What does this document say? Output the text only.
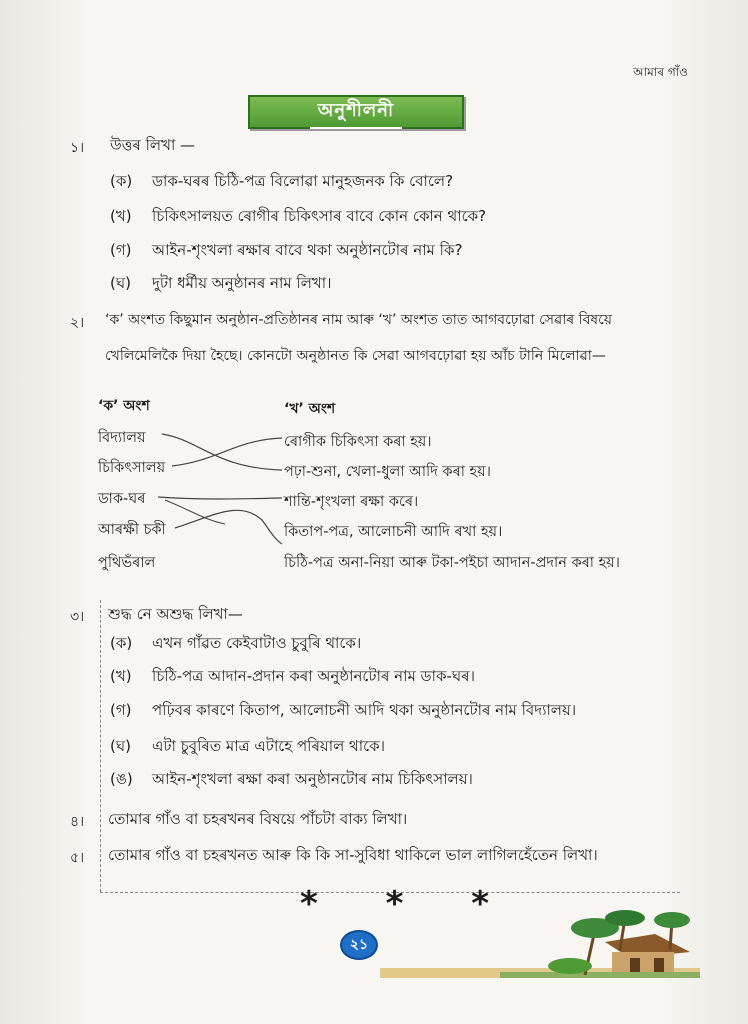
আমাৰ গাঁও
অনুশীলনী
১। উত্তৰ লিখা —
(ক) ডাক-ঘৰৰ চিঠি-পত্ৰ বিলোৱা মানুহজনক কি বোলে?
(খ) চিকিৎসালয়ত ৰোগীৰ চিকিৎসাৰ বাবে কোন কোন থাকে?
(গ) আইন-শৃংখলা ৰক্ষাৰ বাবে থকা অনুষ্ঠানটোৰ নাম কি?
(ঘ) দুটা ধৰ্মীয় অনুষ্ঠানৰ নাম লিখা।
২। ‘ক’ অংশত কিছুমান অনুষ্ঠান-প্ৰতিষ্ঠানৰ নাম আৰু ‘খ’ অংশত তাত আগবঢ়োৱা সেৱাৰ বিষয়ে
খেলিমেলিকৈ দিয়া হৈছে। কোনটো অনুষ্ঠানত কি সেৱা আগবঢ়োৱা হয় আঁচ টানি মিলোৱা—
‘ক’ অংশ	‘খ’ অংশ
বিদ্যালয়
চিকিৎসালয়
ডাক-ঘৰ
আৰক্ষী চকী
পুথিভঁৰাল
ৰোগীক চিকিৎসা কৰা হয়।
পঢ়া-শুনা, খেলা-ধুলা আদি কৰা হয়।
শান্তি-শৃংখলা ৰক্ষা কৰে।
কিতাপ-পত্ৰ, আলোচনী আদি ৰখা হয়।
চিঠি-পত্ৰ অনা-নিয়া আৰু টকা-পইচা আদান-প্ৰদান কৰা হয়।
৩। শুদ্ধ নে অশুদ্ধ লিখা—
(ক) এখন গাঁৱত কেইবাটাও চুবুৰি থাকে।
(খ) চিঠি-পত্ৰ আদান-প্ৰদান কৰা অনুষ্ঠানটোৰ নাম ডাক-ঘৰ।
(গ) পঢ়িবৰ কাৰণে কিতাপ, আলোচনী আদি থকা অনুষ্ঠানটোৰ নাম বিদ্যালয়।
(ঘ) এটা চুবুৰিত মাত্ৰ এটাহে পৰিয়াল থাকে।
(ঙ) আইন-শৃংখলা ৰক্ষা কৰা অনুষ্ঠানটোৰ নাম চিকিৎসালয়।
৪। তোমাৰ গাঁও বা চহৰখনৰ বিষয়ে পাঁচটা বাক্য লিখা।
৫। তোমাৰ গাঁও বা চহৰখনত আৰু কি কি সা-সুবিধা থাকিলে ভাল লাগিলহেঁতেন লিখা।
* * *
২১
